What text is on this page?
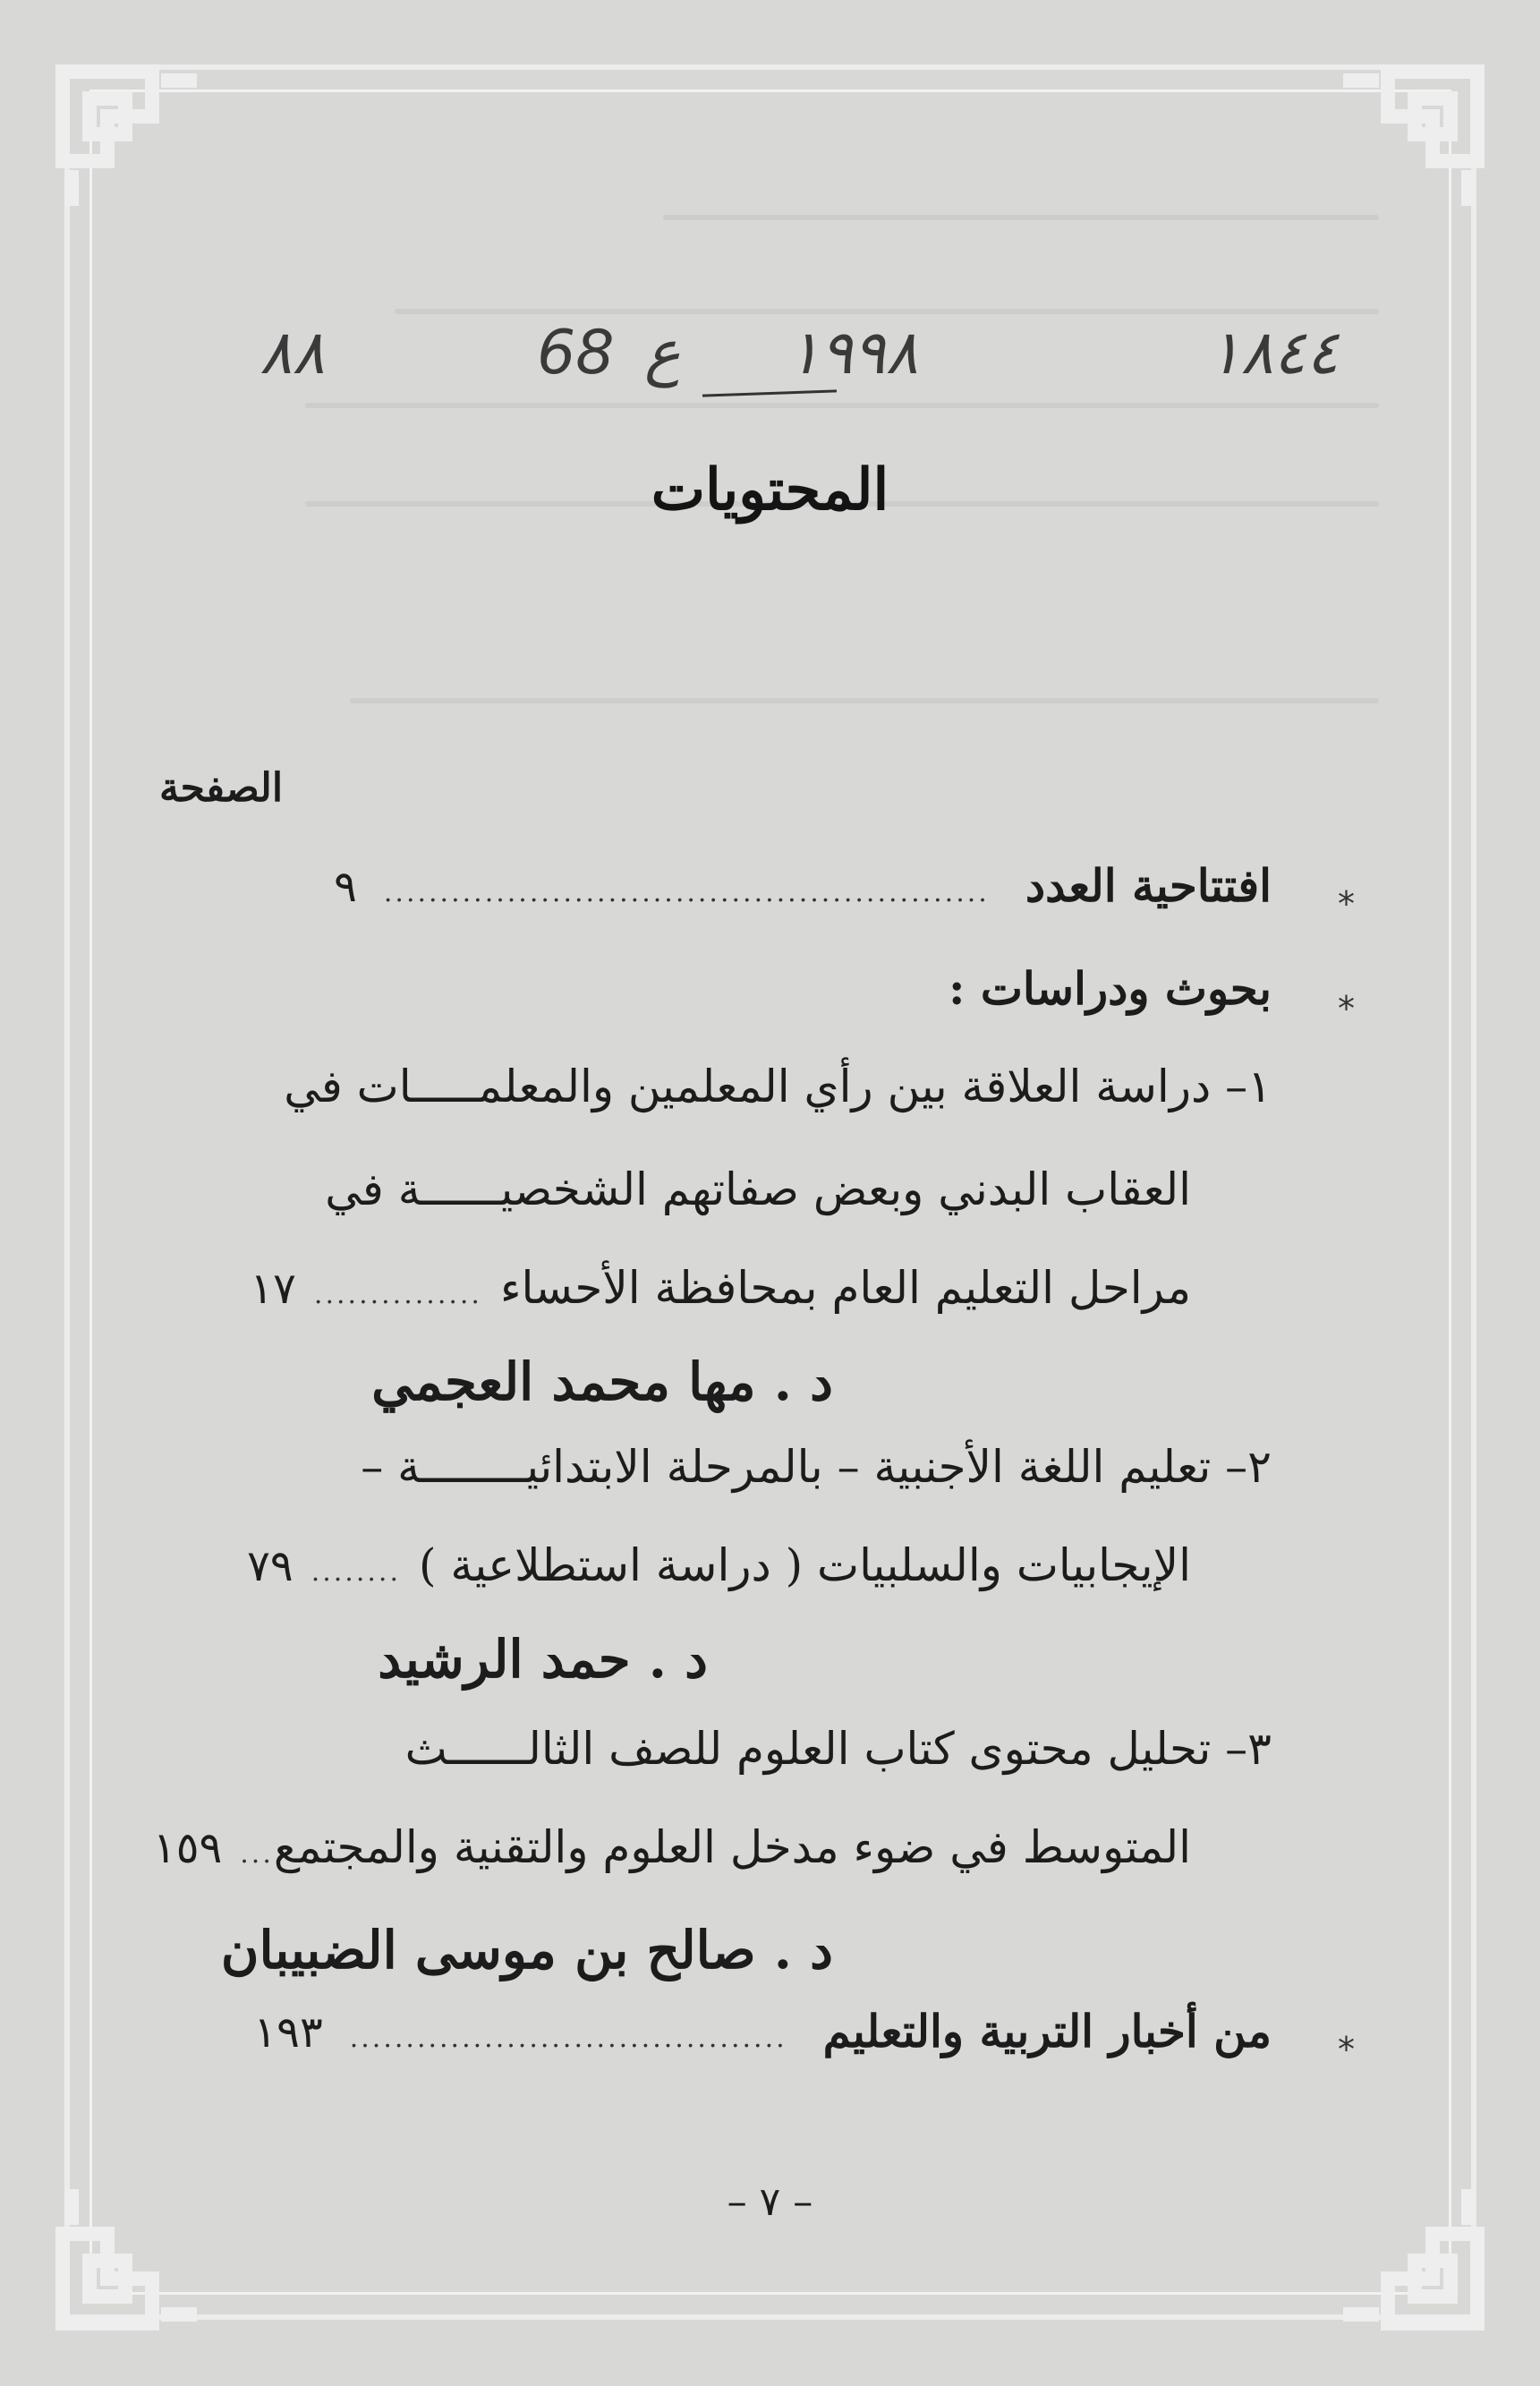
٨٨	68 ع ١٩٩٨	١٨٤٤
المحتويات
الصفحة
*
افتتاحية العدد
......................................................
٩
*
بحوث ودراسات :
١– دراسة العلاقة بين رأي المعلمين والمعلمـــــات في
العقاب البدني وبعض صفاتهم الشخصيــــــة في
مراحل التعليم العام بمحافظة الأحساء
...............
١٧
د . مها محمد العجمي
٢– تعليم اللغة الأجنبية – بالمرحلة الابتدائيــــــــة –
الإيجابيات والسلبيات ( دراسة استطلاعية )
........
٧٩
د . حمد الرشيد
٣– تحليل محتوى كتاب العلوم للصف الثالــــــث
المتوسط في ضوء مدخل العلوم والتقنية والمجتمع
...
١٥٩
د . صالح بن موسى الضبيبان
*
من أخبار التربية والتعليم
.......................................
١٩٣
– ٧ –
